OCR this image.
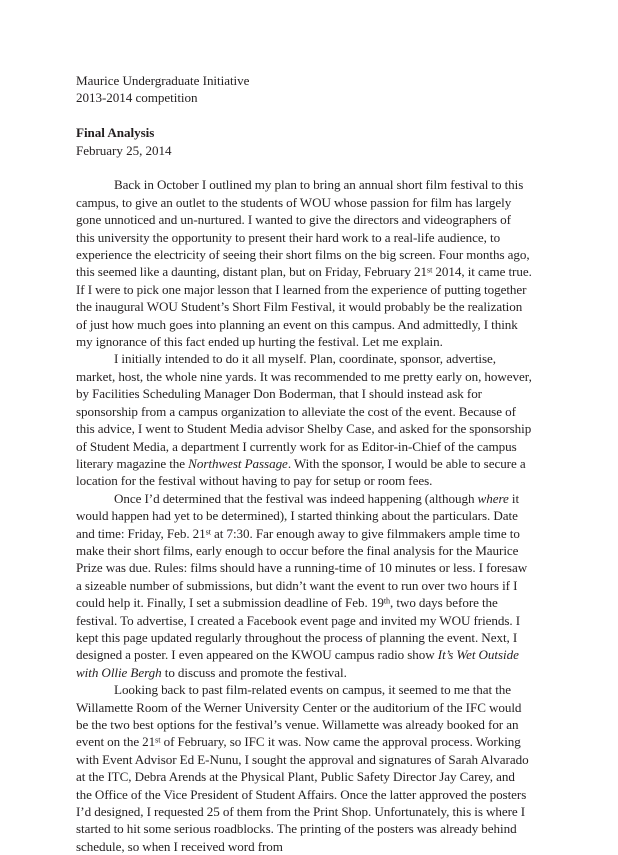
Maurice Undergraduate Initiative
2013-2014 competition
Final Analysis
February 25, 2014

Back in October I outlined my plan to bring an annual short film festival to this campus, to give an outlet to the students of WOU whose passion for film has largely gone unnoticed and un-nurtured. I wanted to give the directors and videographers of this university the opportunity to present their hard work to a real-life audience, to experience the electricity of seeing their short films on the big screen. Four months ago, this seemed like a daunting, distant plan, but on Friday, February 21st 2014, it came true. If I were to pick one major lesson that I learned from the experience of putting together the inaugural WOU Student’s Short Film Festival, it would probably be the realization of just how much goes into planning an event on this campus. And admittedly, I think my ignorance of this fact ended up hurting the festival. Let me explain.

I initially intended to do it all myself. Plan, coordinate, sponsor, advertise, market, host, the whole nine yards. It was recommended to me pretty early on, however, by Facilities Scheduling Manager Don Boderman, that I should instead ask for sponsorship from a campus organization to alleviate the cost of the event. Because of this advice, I went to Student Media advisor Shelby Case, and asked for the sponsorship of Student Media, a department I currently work for as Editor-in-Chief of the campus literary magazine the Northwest Passage. With the sponsor, I would be able to secure a location for the festival without having to pay for setup or room fees.

Once I’d determined that the festival was indeed happening (although where it would happen had yet to be determined), I started thinking about the particulars. Date and time: Friday, Feb. 21st at 7:30. Far enough away to give filmmakers ample time to make their short films, early enough to occur before the final analysis for the Maurice Prize was due. Rules: films should have a running-time of 10 minutes or less. I foresaw a sizeable number of submissions, but didn’t want the event to run over two hours if I could help it. Finally, I set a submission deadline of Feb. 19th, two days before the festival. To advertise, I created a Facebook event page and invited my WOU friends. I kept this page updated regularly throughout the process of planning the event. Next, I designed a poster. I even appeared on the KWOU campus radio show It’s Wet Outside with Ollie Bergh to discuss and promote the festival.

Looking back to past film-related events on campus, it seemed to me that the Willamette Room of the Werner University Center or the auditorium of the IFC would be the two best options for the festival’s venue. Willamette was already booked for an event on the 21st of February, so IFC it was. Now came the approval process. Working with Event Advisor Ed E-Nunu, I sought the approval and signatures of Sarah Alvarado at the ITC, Debra Arends at the Physical Plant, Public Safety Director Jay Carey, and the Office of the Vice President of Student Affairs. Once the latter approved the posters I’d designed, I requested 25 of them from the Print Shop. Unfortunately, this is where I started to hit some serious roadblocks. The printing of the posters was already behind schedule, so when I received word from
